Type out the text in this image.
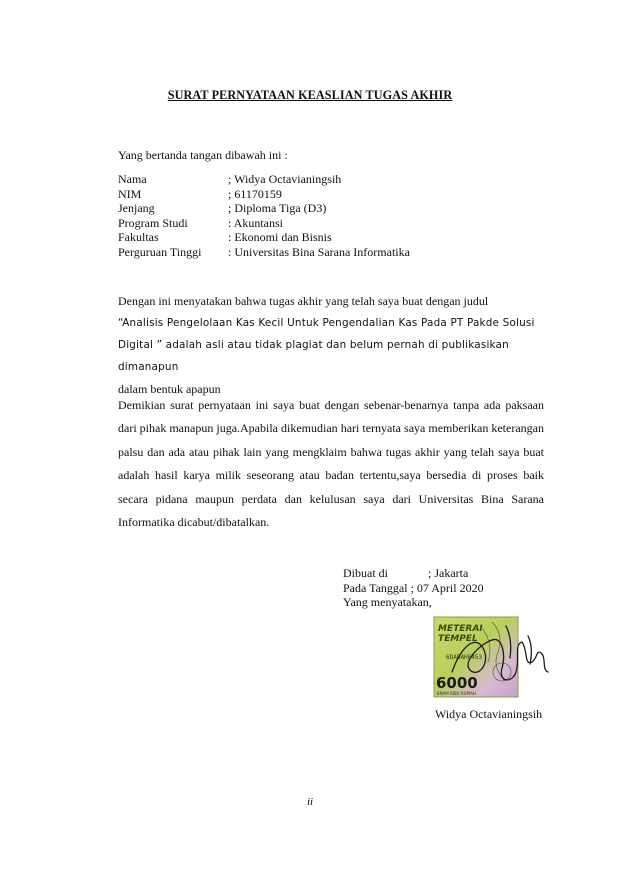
SURAT PERNYATAAN KEASLIAN TUGAS AKHIR
Yang bertanda tangan dibawah ini :
Nama	; Widya Octavianingsih
NIM	; 61170159
Jenjang	; Diploma Tiga (D3)
Program Studi	: Akuntansi
Fakultas	: Ekonomi dan Bisnis
Perguruan Tinggi : Universitas Bina Sarana Informatika
Dengan ini menyatakan bahwa tugas akhir yang telah saya buat dengan judul
“Analisis Pengelolaan Kas Kecil Untuk Pengendalian Kas Pada PT Pakde Solusi
Digital ” adalah asli atau tidak plagiat dan belum pernah di publikasikan dimanapun
dalam bentuk apapun
Demikian surat pernyataan ini saya buat dengan sebenar-benarnya tanpa ada paksaan dari pihak manapun juga.Apabila dikemudian hari ternyata saya memberikan keterangan palsu dan ada atau pihak lain yang mengklaim bahwa tugas akhir yang telah saya buat adalah hasil karya milik seseorang atau badan tertentu,saya bersedia di proses baik secara pidana maupun perdata dan kelulusan saya dari Universitas Bina Sarana Informatika dicabut/dibatalkan.
Dibuat di	; Jakarta
Pada Tanggal ; 07 April 2020
Yang menyatakan,
METERAI
TEMPEL
6DADAHF453
6000
ENAM RIBU RUPIAH
Widya Octavianingsih
ii
